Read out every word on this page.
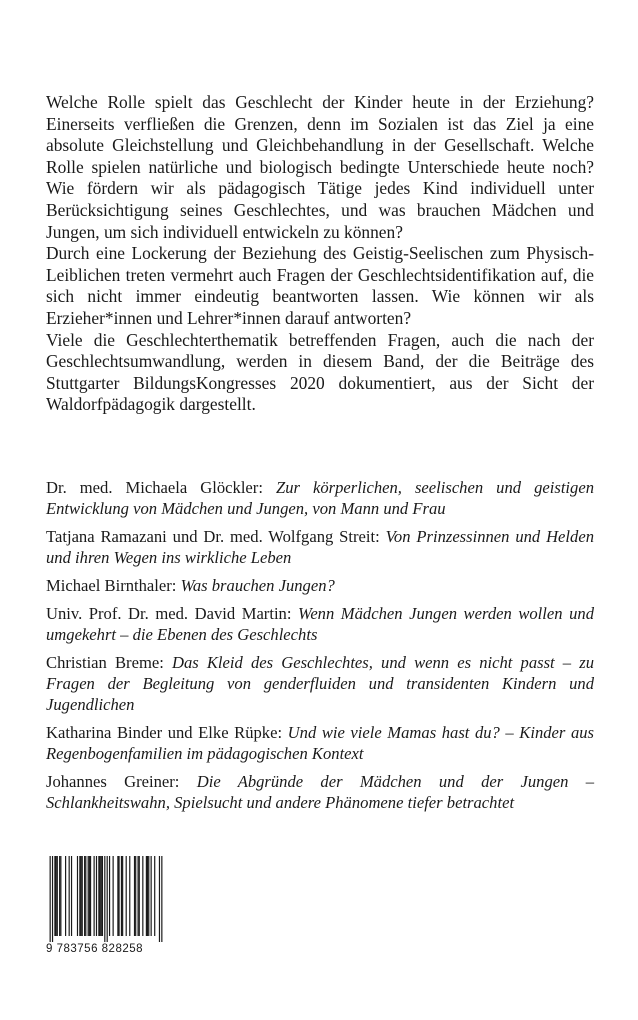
Welche Rolle spielt das Geschlecht der Kinder heute in der Erziehung? Einerseits verfließen die Grenzen, denn im Sozialen ist das Ziel ja eine absolute Gleichstellung und Gleichbehandlung in der Gesellschaft. Welche Rolle spielen natürliche und biologisch bedingte Unterschiede heute noch? Wie fördern wir als pädagogisch Tätige jedes Kind individuell unter Berücksichtigung seines Geschlechtes, und was brauchen Mädchen und Jungen, um sich individuell entwickeln zu können?

Durch eine Lockerung der Beziehung des Geistig-Seelischen zum Physisch-Leiblichen treten vermehrt auch Fragen der Geschlechtsidentifikation auf, die sich nicht immer eindeutig beantworten lassen. Wie können wir als Erzieher*innen und Lehrer*innen darauf antworten?

Viele die Geschlechterthematik betreffenden Fragen, auch die nach der Geschlechtsumwandlung, werden in diesem Band, der die Beiträge des Stuttgarter BildungsKongresses 2020 dokumentiert, aus der Sicht der Waldorfpädagogik dargestellt.

Dr. med. Michaela Glöckler: Zur körperlichen, seelischen und geistigen Entwicklung von Mädchen und Jungen, von Mann und Frau

Tatjana Ramazani und Dr. med. Wolfgang Streit: Von Prinzessinnen und Helden und ihren Wegen ins wirkliche Leben

Michael Birnthaler: Was brauchen Jungen?

Univ. Prof. Dr. med. David Martin: Wenn Mädchen Jungen werden wollen und umgekehrt – die Ebenen des Geschlechts

Christian Breme: Das Kleid des Geschlechtes, und wenn es nicht passt – zu Fragen der Begleitung von genderfluiden und transidenten Kindern und Jugendlichen

Katharina Binder und Elke Rüpke: Und wie viele Mamas hast du? – Kinder aus Regenbogenfamilien im pädagogischen Kontext

Johannes Greiner: Die Abgründe der Mädchen und der Jungen – Schlankheitswahn, Spielsucht und andere Phänomene tiefer betrachtet

9 783756 828258
